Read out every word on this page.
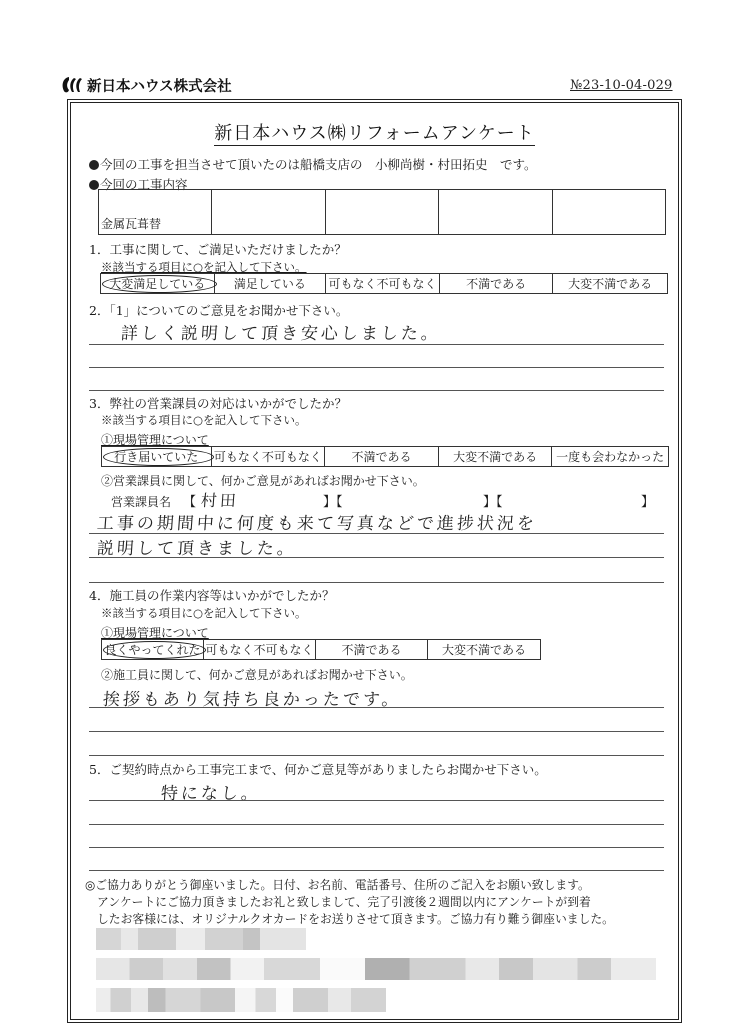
新日本ハウス株式会社	№23-10-04-029
新日本ハウス㈱リフォームアンケート
今回の工事を担当させて頂いたのは船橋支店の　小柳尚樹・村田拓史　です。
今回の工事内容
金属瓦葺替
1．工事に関して、ご満足いただけましたか？
※該当する項目に○を記入して下さい。
大変満足している	満足している	可もなく不可もなく	不満である	大変不満である
2．「1」についてのご意見をお聞かせ下さい。
詳しく説明して頂き安心しました。
3．弊社の営業課員の対応はいかがでしたか？
※該当する項目に○を記入して下さい。
①現場管理について
行き届いていた	可もなく不可もなく	不満である	大変不満である	一度も会わなかった
②営業課員に関して、何かご意見があればお聞かせ下さい。
営業課員名 【 村田	】【	】【	】
工事の期間中に何度も来て写真などで進捗状況を
説明して頂きました。
4．施工員の作業内容等はいかがでしたか？
※該当する項目に○を記入して下さい。
①現場管理について
良くやってくれた 可もなく不可もなく	不満である	大変不満である
②施工員に関して、何かご意見があればお聞かせ下さい。
挨拶もあり気持ち良かったです。
5．ご契約時点から工事完工まで、何かご意見等がありましたらお聞かせ下さい。
特になし。
◎ご協力ありがとう御座いました。日付、お名前、電話番号、住所のご記入をお願い致します。
アンケートにご協力頂きましたお礼と致しまして、完了引渡後２週間以内にアンケートが到着
したお客様には、オリジナルクオカードをお送りさせて頂きます。ご協力有り難う御座いました。
